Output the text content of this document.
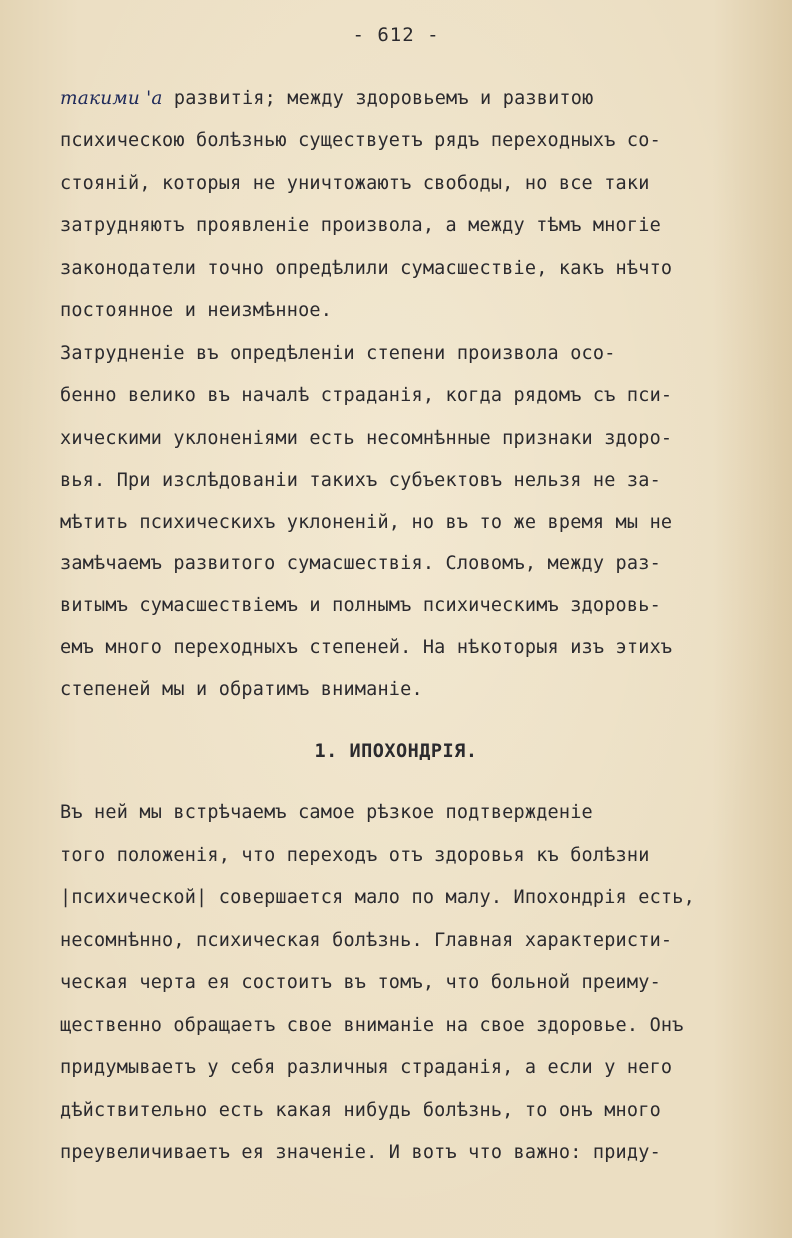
- 612 -
такими 'а развитія; между здоровьемъ и развитою
психическою болѣзнью существуетъ рядъ переходныхъ со-
стояній, которыя не уничтожаютъ свободы, но все таки
затрудняютъ проявленіе произвола, а между тѣмъ многіе
законодатели точно опредѣлили сумасшествіе, какъ нѣчто
постоянное и неизмѣнное.
Затрудненіе въ опредѣленіи степени произвола осо-
бенно велико въ началѣ страданія, когда рядомъ съ пси-
хическими уклоненіями есть несомнѣнные признаки здоро-
вья. При изслѣдованіи такихъ субъектовъ нельзя не за-
мѣтить психическихъ уклоненій, но въ то же время мы не
замѣчаемъ развитого сумасшествія. Словомъ, между раз-
витымъ сумасшествіемъ и полнымъ психическимъ здоровь-
емъ много переходныхъ степеней. На нѣкоторыя изъ этихъ
степеней мы и обратимъ вниманіе.
1. ИПОХОНДРІЯ.
Въ ней мы встрѣчаемъ самое рѣзкое подтвержденіе
того положенія, что переходъ отъ здоровья къ болѣзни
|психической| совершается мало по малу. Ипохондрія есть,
несомнѣнно, психическая болѣзнь. Главная характеристи-
ческая черта ея состоитъ въ томъ, что больной преиму-
щественно обращаетъ свое вниманіе на свое здоровье. Онъ
придумываетъ у себя различныя страданія, а если у него
дѣйствительно есть какая нибудь болѣзнь, то онъ много
преувеличиваетъ ея значеніе. И вотъ что важно: приду-
